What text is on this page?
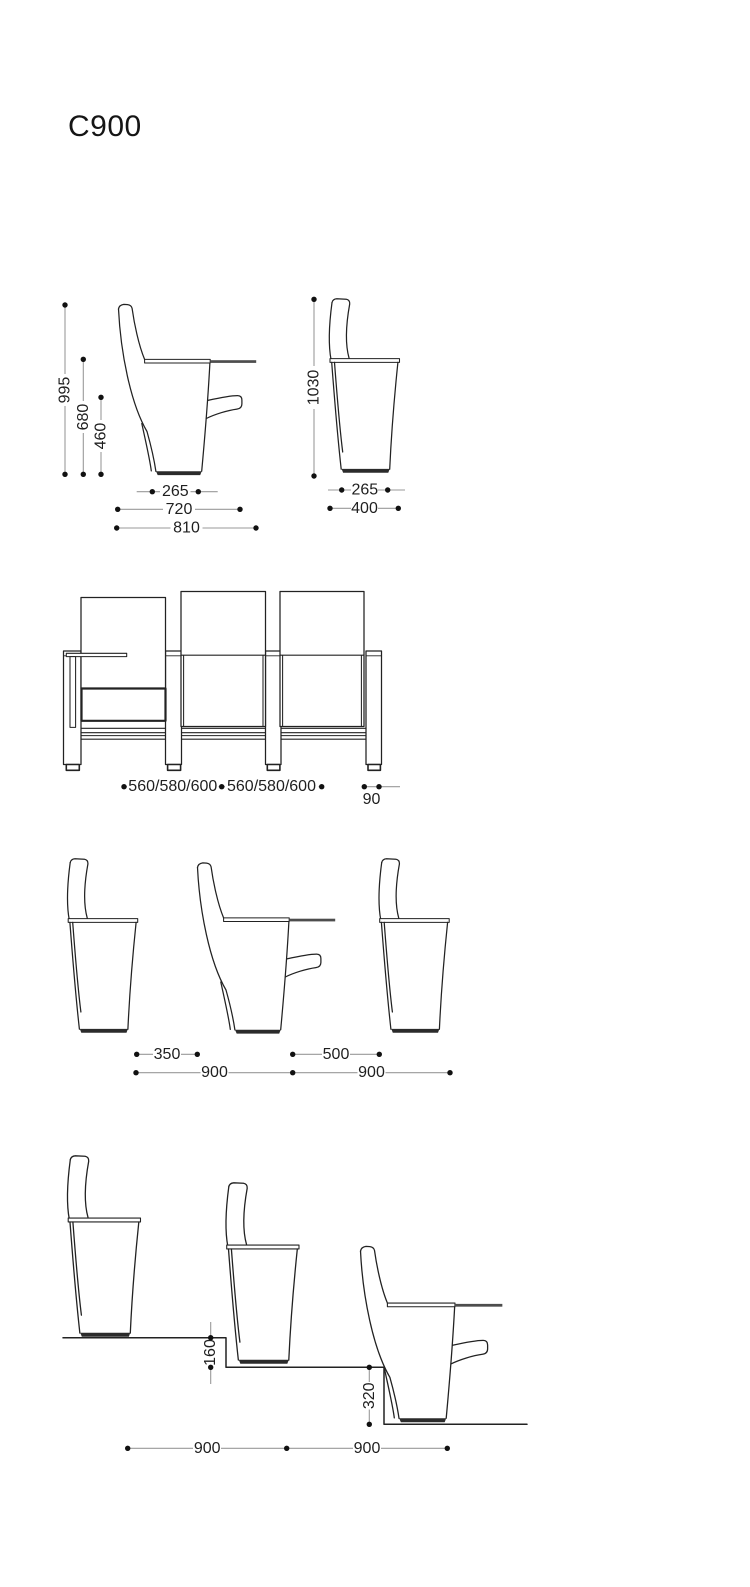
C900
995
680
460
265
720
810
1030
265
400
560/580/600 560/580/600
90
350	500
900	900
160
320
900	900
